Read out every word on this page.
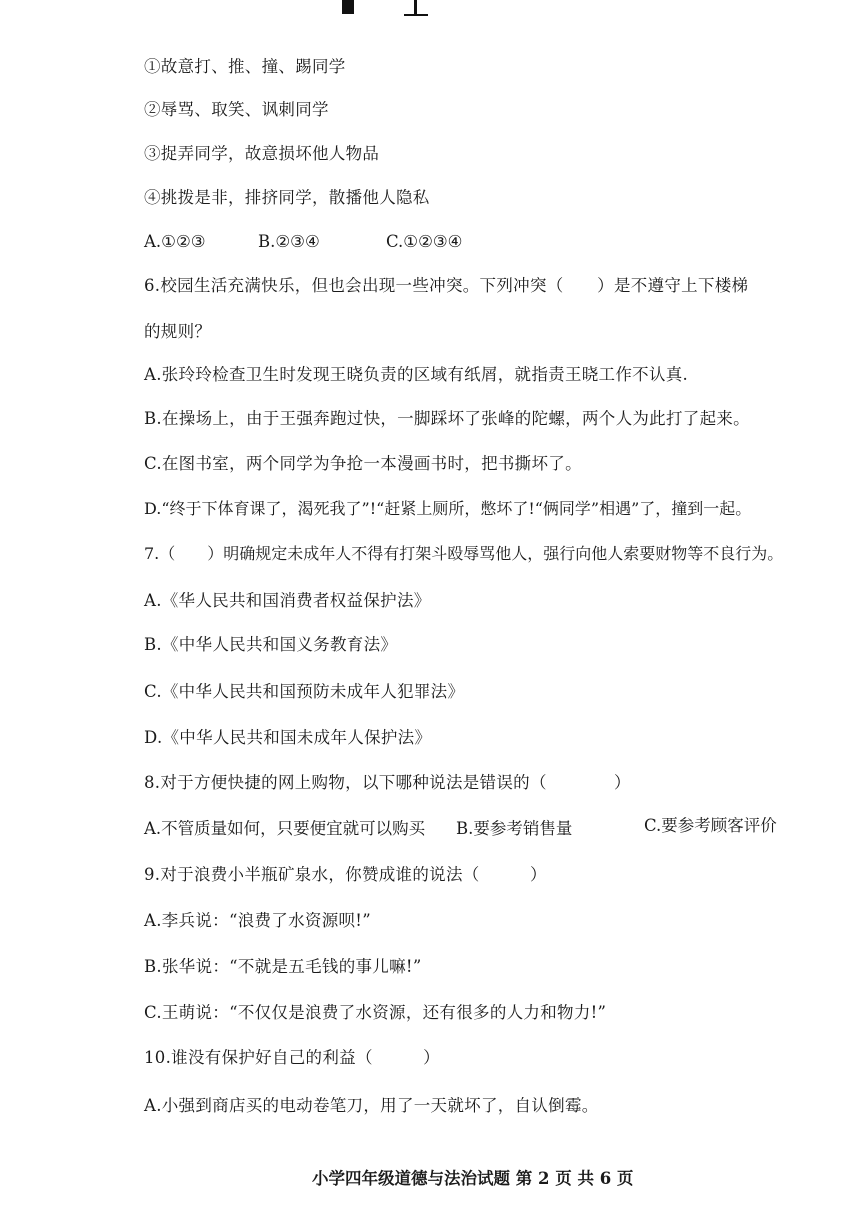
①故意打、推、撞、踢同学
②辱骂、取笑、讽刺同学
③捉弄同学，故意损坏他人物品
④挑拨是非，排挤同学，散播他人隐私
A.①②③	B.②③④	C.①②③④
6.校园生活充满快乐，但也会出现一些冲突。下列冲突（　　）是不遵守上下楼梯
的规则？
A.张玲玲检查卫生时发现王晓负责的区域有纸屑，就指责王晓工作不认真.
B.在操场上，由于王强奔跑过快，一脚踩坏了张峰的陀螺，两个人为此打了起来。
C.在图书室，两个同学为争抢一本漫画书时，把书撕坏了。
D.“终于下体育课了，渴死我了”!“赶紧上厕所，憋坏了!“俩同学”相遇”了，撞到一起。
7.（　　）明确规定未成年人不得有打架斗殴辱骂他人，强行向他人索要财物等不良行为。
A.《华人民共和国消费者权益保护法》
B.《中华人民共和国义务教育法》
C.《中华人民共和国预防未成年人犯罪法》
D.《中华人民共和国未成年人保护法》
8.对于方便快捷的网上购物，以下哪种说法是错误的（　　　　）
A.不管质量如何，只要便宜就可以购买 B.要参考销售量	C.要参考顾客评价
9.对于浪费小半瓶矿泉水，你赞成谁的说法（　　　）
A.李兵说：“浪费了水资源呗!”
B.张华说：“不就是五毛钱的事儿嘛!”
C.王萌说：“不仅仅是浪费了水资源，还有很多的人力和物力!”
10.谁没有保护好自己的利益（　　　）
A.小强到商店买的电动卷笔刀，用了一天就坏了，自认倒霉。
小学四年级道德与法治试题 第 2 页 共 6 页
